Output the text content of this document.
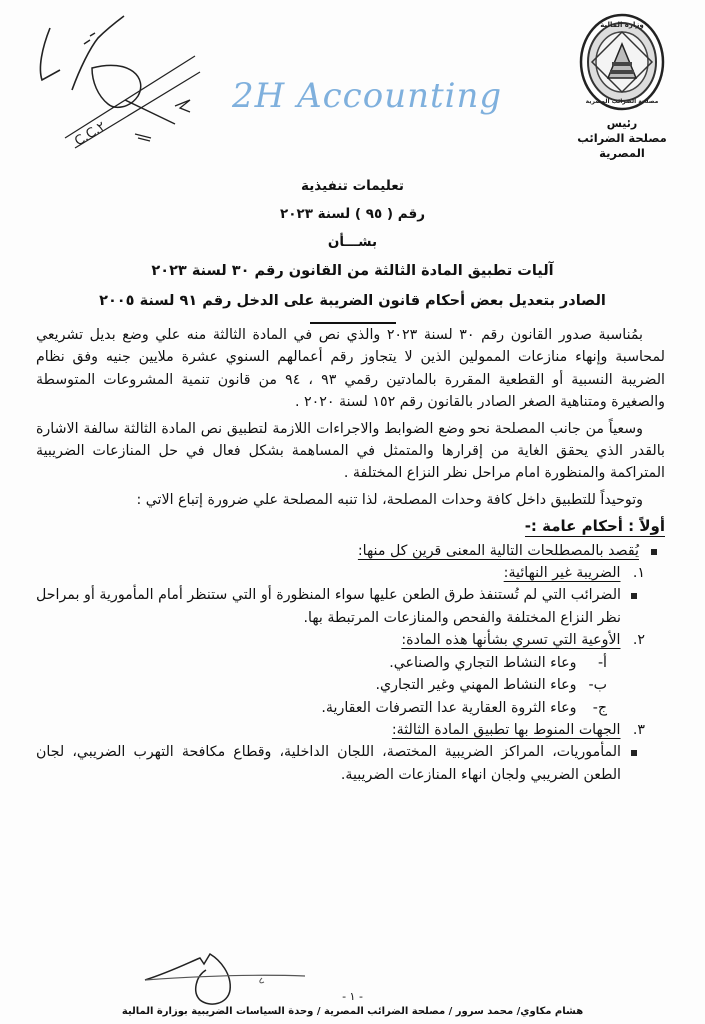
C.C.٢
2H Accounting
وزارة المالية
مصلحة الضرائب المصرية
رئيس
مصلحة الضرائب المصرية
تعليمات تنفيذية
رقم ( ٩٥ ) لسنة ٢٠٢٣
بشـــأن
آليات تطبيق المادة الثالثة من القانون رقم ٣٠ لسنة ٢٠٢٣
الصادر بتعديل بعض أحكام قانون الضريبة على الدخل رقم ٩١ لسنة ٢٠٠٥

بمُناسبة صدور القانون رقم ٣٠ لسنة ٢٠٢٣ والذي نص في المادة الثالثة منه علي وضع بديل تشريعي لمحاسبة وإنهاء منازعات الممولين الذين لا يتجاوز رقم أعمالهم السنوي عشرة ملايين جنيه وفق نظام الضريبة النسبية أو القطعية المقررة بالمادتين رقمي ٩٣ ، ٩٤ من قانون تنمية المشروعات المتوسطة والصغيرة ومتناهية الصغر الصادر بالقانون رقم ١٥٢ لسنة ٢٠٢٠ .

وسعياً من جانب المصلحة نحو وضع الضوابط والاجراءات اللازمة لتطبيق نص المادة الثالثة سالفة الاشارة بالقدر الذي يحقق الغاية من إقرارها والمتمثل في المساهمة بشكل فعال في حل المنازعات الضريبية المتراكمة والمنظورة امام مراحل نظر النزاع المختلفة .

وتوحيداً للتطبيق داخل كافة وحدات المصلحة، لذا تنبه المصلحة علي ضرورة إتباع الاتي :

أولاً : أحكام عامة :-
يُقصد بالمصطلحات التالية المعنى قرين كل منها:
١. الضريبة غير النهائية:
الضرائب التي لم تُستنفذ طرق الطعن عليها سواء المنظورة أو التي ستنظر أمام المأمورية أو بمراحل نظر النزاع المختلفة والفحص والمنازعات المرتبطة بها.
٢. الأوعية التي تسري بشأنها هذه المادة:
أ- وعاء النشاط التجاري والصناعي.
ب- وعاء النشاط المهني وغير التجاري.
ج- وعاء الثروة العقارية عدا التصرفات العقارية.
٣. الجهات المنوط بها تطبيق المادة الثالثة:
المأموريات، المراكز الضريبية المختصة، اللجان الداخلية، وقطاع مكافحة التهرب الضريبي، لجان الطعن الضريبي ولجان انهاء المنازعات الضريبية.
- ١ -
هشام مكاوي/ محمد سرور / مصلحة الضرائب المصرية / وحدة السياسات الضريبية بوزارة المالية
